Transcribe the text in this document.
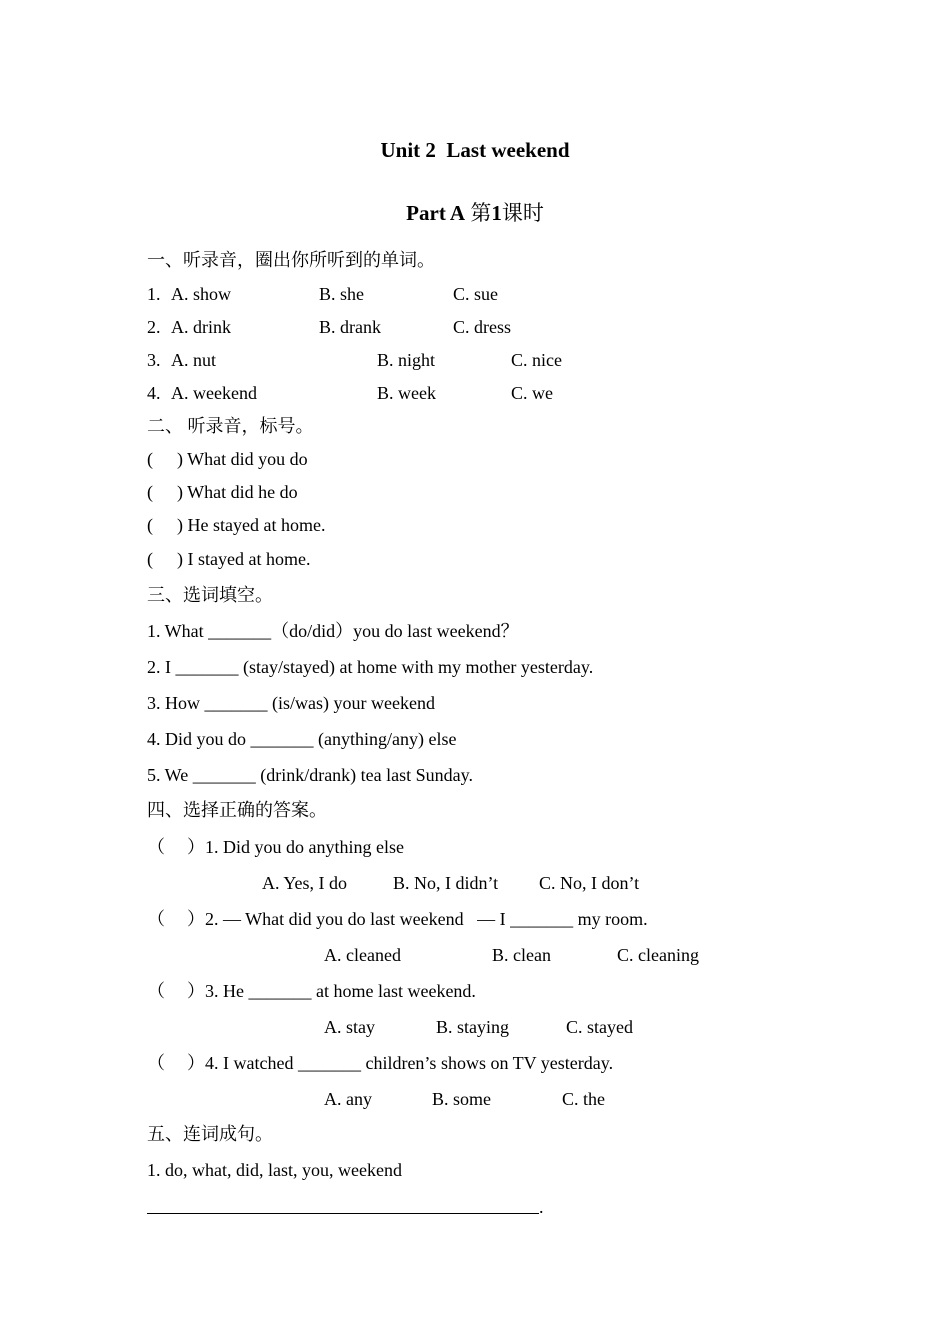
Unit 2  Last weekend
Part A 第1课时
一、听录音，圈出你所听到的单词。
1. A. show	B. she	C. sue
2. A. drink	B. drank	C. dress
3. A. nut	B. night	C. nice
4. A. weekend	B. week	C. we
二、 听录音，标号。
( ) What did you do
( ) What did he do
( ) He stayed at home.
( ) I stayed at home.
三、选词填空。
1. What _______（do/did）you do last weekend？
2. I _______ (stay/stayed) at home with my mother yesterday.
3. How _______ (is/was) your weekend
4. Did you do _______ (anything/any) else
5. We _______ (drink/drank) tea last Sunday.
四、选择正确的答案。
（ ）1. Did you do anything else
A. Yes, I do	B. No, I didn’t C. No, I don’t
（ ）2. — What did you do last weekend   — I _______ my room.
A. cleaned	B. clean	C. cleaning
（ ）3. He _______ at home last weekend.
A. stay	B. staying	C. stayed
（ ）4. I watched _______ children’s shows on TV yesterday.
A. any	B. some	C. the
五、连词成句。
1. do, what, did, last, you, weekend
.
